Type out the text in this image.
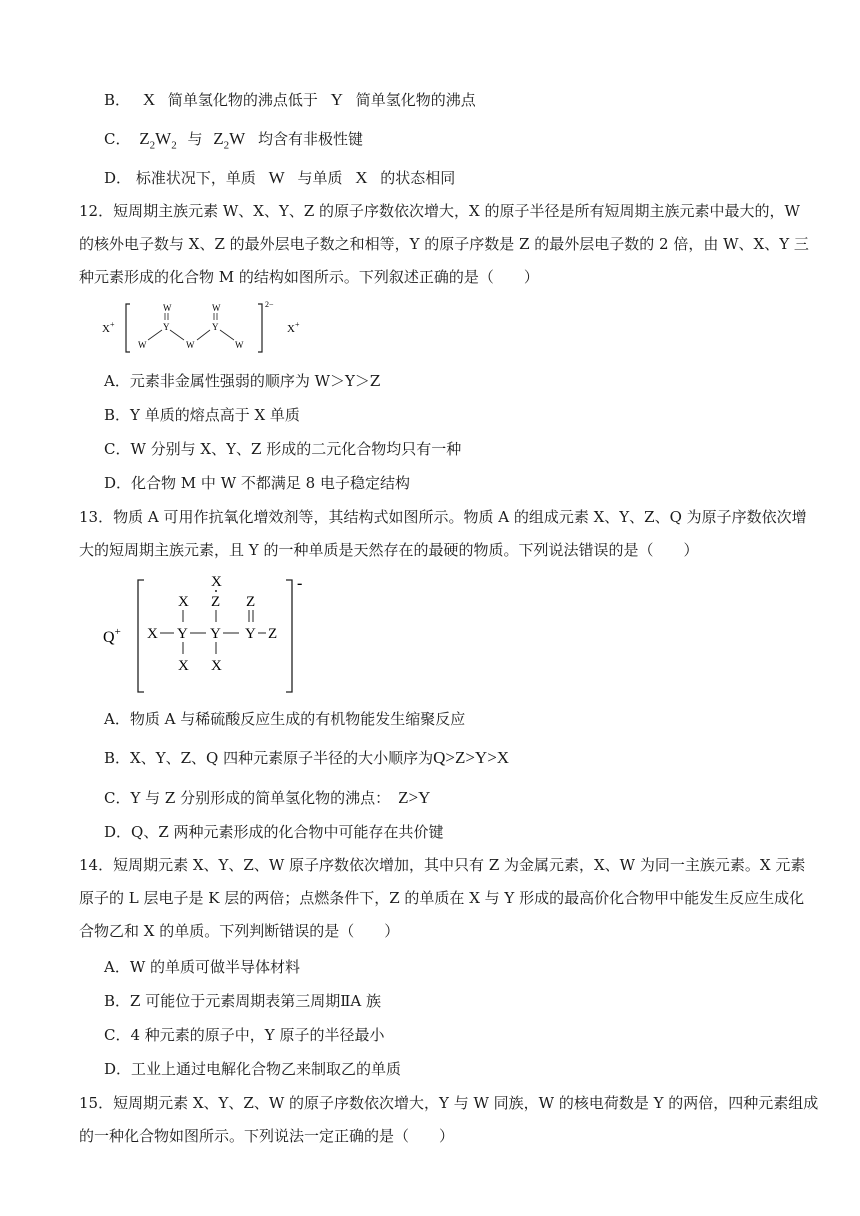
B． X 简单氢化物的沸点低于 Y 简单氢化物的沸点
C． $Z_2W_2$ 与 $Z_2W$ 均含有非极性键
D． 标准状况下，单质 W 与单质 X 的状态相同
12．短周期主族元素 W、X、Y、Z 的原子序数依次增大，X 的原子半径是所有短周期主族元素中最大的，W 的核外电子数与 X、Z 的最外层电子数之和相等，Y 的原子序数是 Z 的最外层电子数的 2 倍，由 W、X、Y 三种元素形成的化合物 M 的结构如图所示。下列叙述正确的是（　　）
X+
W
Y
W	W
W
Y
W
2−
X+
A．元素非金属性强弱的顺序为 W＞Y＞Z
B．Y 单质的熔点高于 X 单质
C．W 分别与 X、Y、Z 形成的二元化合物均只有一种
D．化合物 M 中 W 不都满足 8 电子稳定结构
13．物质 A 可用作抗氧化增效剂等，其结构式如图所示。物质 A 的组成元素 X、Y、Z、Q 为原子序数依次增大的短周期主族元素，且 Y 的一种单质是天然存在的最硬的物质。下列说法错误的是（　　）
Q+ X Y Y Y Z
X
X
X
Z
X
Z
-
A．物质 A 与稀硫酸反应生成的有机物能发生缩聚反应
B．X、Y、Z、Q 四种元素原子半径的大小顺序为Q>Z>Y>X
C．Y 与 Z 分别形成的简单氢化物的沸点： Z>Y
D．Q、Z 两种元素形成的化合物中可能存在共价键
14．短周期元素 X、Y、Z、W 原子序数依次增加，其中只有 Z 为金属元素，X、W 为同一主族元素。X 元素原子的 L 层电子是 K 层的两倍；点燃条件下，Z 的单质在 X 与 Y 形成的最高价化合物甲中能发生反应生成化合物乙和 X 的单质。下列判断错误的是（　　）
A．W 的单质可做半导体材料
B．Z 可能位于元素周期表第三周期ⅡA 族
C．4 种元素的原子中，Y 原子的半径最小
D．工业上通过电解化合物乙来制取乙的单质
15．短周期元素 X、Y、Z、W 的原子序数依次增大，Y 与 W 同族，W 的核电荷数是 Y 的两倍，四种元素组成的一种化合物如图所示。下列说法一定正确的是（　　）
